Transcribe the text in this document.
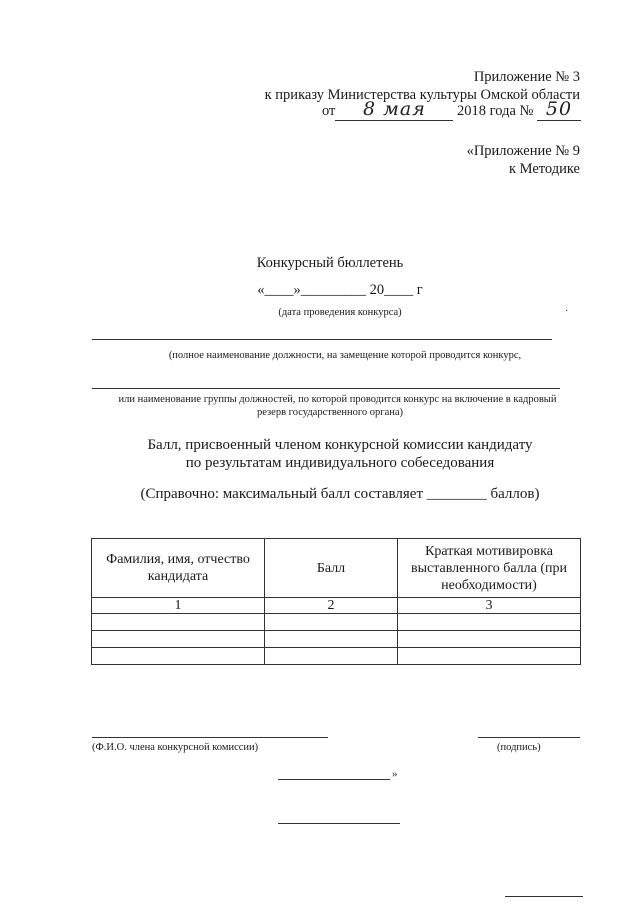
Приложение № 3
к приказу Министерства культуры Омской области
от 8 мая 2018 года № 50
«Приложение № 9
к Методике
Конкурсный бюллетень
«____»_________ 20____ г
(дата проведения конкурса)	·
(полное наименование должности, на замещение которой проводится конкурс,
или наименование группы должностей, по которой проводится конкурс на включение в кадровый
резерв государственного органа)
Балл, присвоенный членом конкурсной комиссии кандидату
по результатам индивидуального собеседования
(Справочно: максимальный балл составляет ________ баллов)
Фамилия, имя, отчество кандидата	Балл	Краткая мотивировка выставленного балла (при необходимости)
1	2	3

(Ф.И.О. члена конкурсной комиссии)	(подпись)
»
